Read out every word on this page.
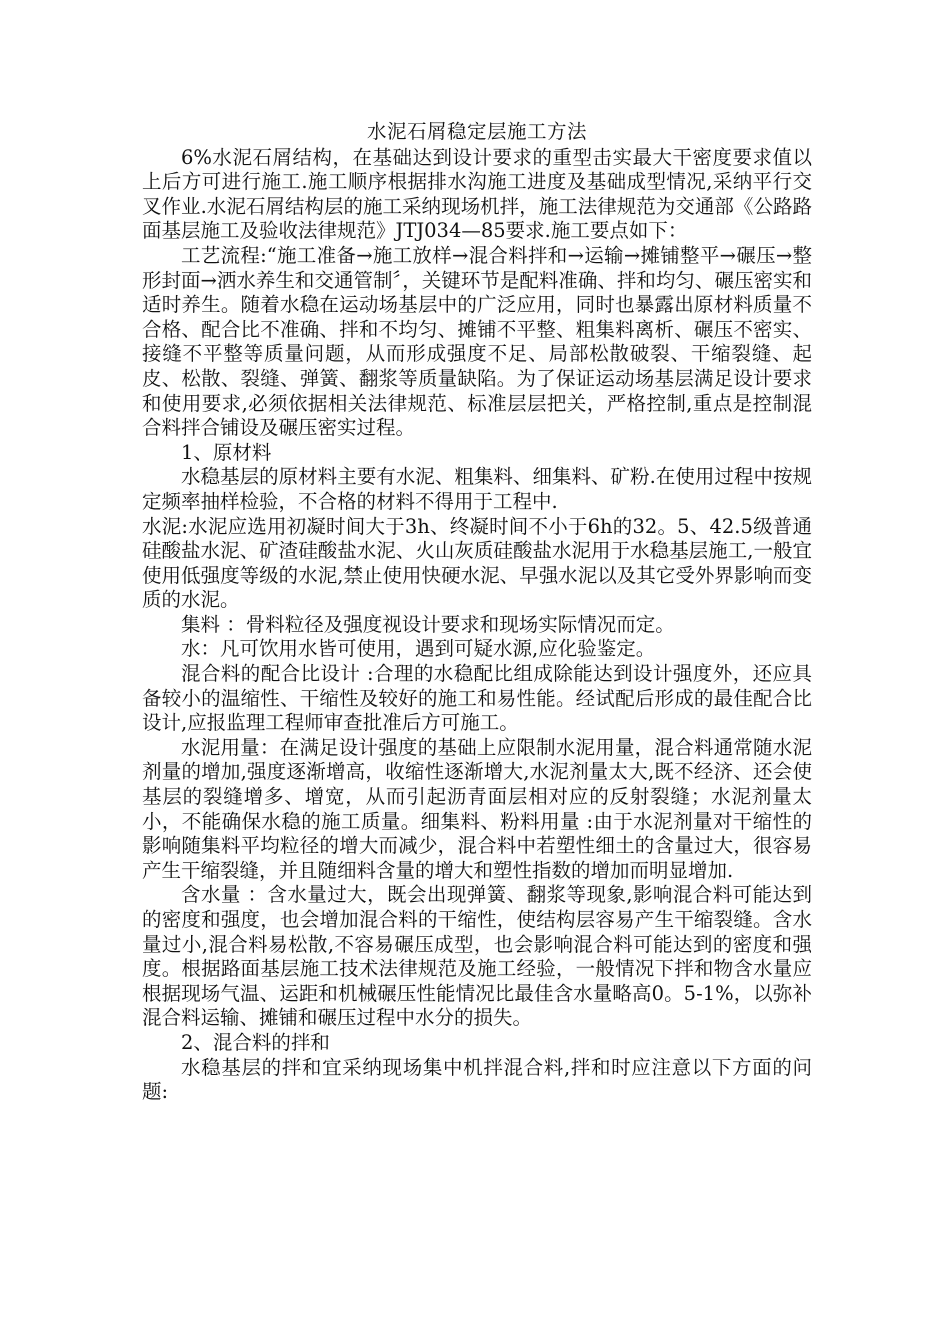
水泥石屑稳定层施工方法

6%水泥石屑结构，在基础达到设计要求的重型击实最大干密度要求值以上后方可进行施工.施工顺序根据排水沟施工进度及基础成型情况,采纳平行交叉作业.水泥石屑结构层的施工采纳现场机拌，施工法律规范为交通部《公路路面基层施工及验收法律规范》JTJ034—85要求.施工要点如下：

工艺流程:“施工准备→施工放样→混合料拌和→运输→摊铺整平→碾压→整形封面→洒水养生和交通管制〞，关键环节是配料准确、拌和均匀、碾压密实和适时养生。随着水稳在运动场基层中的广泛应用，同时也暴露出原材料质量不合格、配合比不准确、拌和不均匀、摊铺不平整、粗集料离析、碾压不密实、接缝不平整等质量问题，从而形成强度不足、局部松散破裂、干缩裂缝、起皮、松散、裂缝、弹簧、翻浆等质量缺陷。为了保证运动场基层满足设计要求和使用要求,必须依据相关法律规范、标准层层把关，严格控制,重点是控制混合料拌合铺设及碾压密实过程。

1、原材料

水稳基层的原材料主要有水泥、粗集料、细集料、矿粉.在使用过程中按规定频率抽样检验，不合格的材料不得用于工程中.

水泥:水泥应选用初凝时间大于3h、终凝时间不小于6h的32。5、42.5级普通硅酸盐水泥、矿渣硅酸盐水泥、火山灰质硅酸盐水泥用于水稳基层施工,一般宜使用低强度等级的水泥,禁止使用快硬水泥、早强水泥以及其它受外界影响而变质的水泥。

集料 ：骨料粒径及强度视设计要求和现场实际情况而定。

水：凡可饮用水皆可使用，遇到可疑水源,应化验鉴定。

混合料的配合比设计 :合理的水稳配比组成除能达到设计强度外，还应具备较小的温缩性、干缩性及较好的施工和易性能。经试配后形成的最佳配合比设计,应报监理工程师审查批准后方可施工。

水泥用量：在满足设计强度的基础上应限制水泥用量，混合料通常随水泥剂量的增加,强度逐渐增高，收缩性逐渐增大,水泥剂量太大,既不经济、还会使基层的裂缝增多、增宽，从而引起沥青面层相对应的反射裂缝；水泥剂量太小，不能确保水稳的施工质量。细集料、粉料用量 :由于水泥剂量对干缩性的影响随集料平均粒径的增大而减少，混合料中若塑性细土的含量过大，很容易产生干缩裂缝，并且随细料含量的增大和塑性指数的增加而明显增加.

含水量 ：含水量过大，既会出现弹簧、翻浆等现象,影响混合料可能达到的密度和强度，也会增加混合料的干缩性，使结构层容易产生干缩裂缝。含水量过小,混合料易松散,不容易碾压成型，也会影响混合料可能达到的密度和强度。根据路面基层施工技术法律规范及施工经验，一般情况下拌和物含水量应根据现场气温、运距和机械碾压性能情况比最佳含水量略高0。5-1%，以弥补混合料运输、摊铺和碾压过程中水分的损失。

2、混合料的拌和

水稳基层的拌和宜采纳现场集中机拌混合料,拌和时应注意以下方面的问题:
